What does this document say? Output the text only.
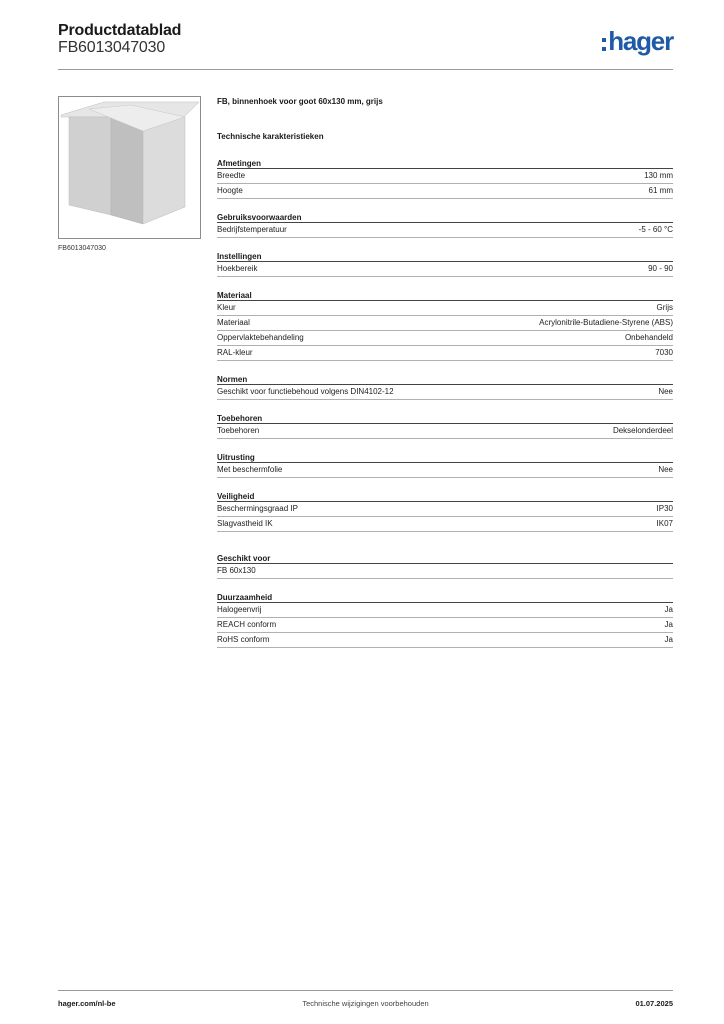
Productdatablad
FB6013047030	hager
FB6013047030
FB, binnenhoek voor goot 60x130 mm, grijs
Technische karakteristieken
Afmetingen
Breedte	130 mm
Hoogte	61 mm
Gebruiksvoorwaarden
Bedrijfstemperatuur	-5 - 60 °C
Instellingen
Hoekbereik	90 - 90
Materiaal
Kleur	Grijs
Materiaal	Acrylonitrile-Butadiene-Styrene (ABS)
Oppervlaktebehandeling	Onbehandeld
RAL-kleur	7030
Normen
Geschikt voor functiebehoud volgens DIN4102-12	Nee
Toebehoren
Toebehoren	Dekselonderdeel
Uitrusting
Met beschermfolie	Nee
Veiligheid
Beschermingsgraad IP	IP30
Slagvastheid IK	IK07
Geschikt voor
FB 60x130
Duurzaamheid
Halogeenvrij	Ja
REACH conform	Ja
RoHS conform	Ja
Technische wijzigingen voorbehouden
hager.com/nl-be	01.07.2025
